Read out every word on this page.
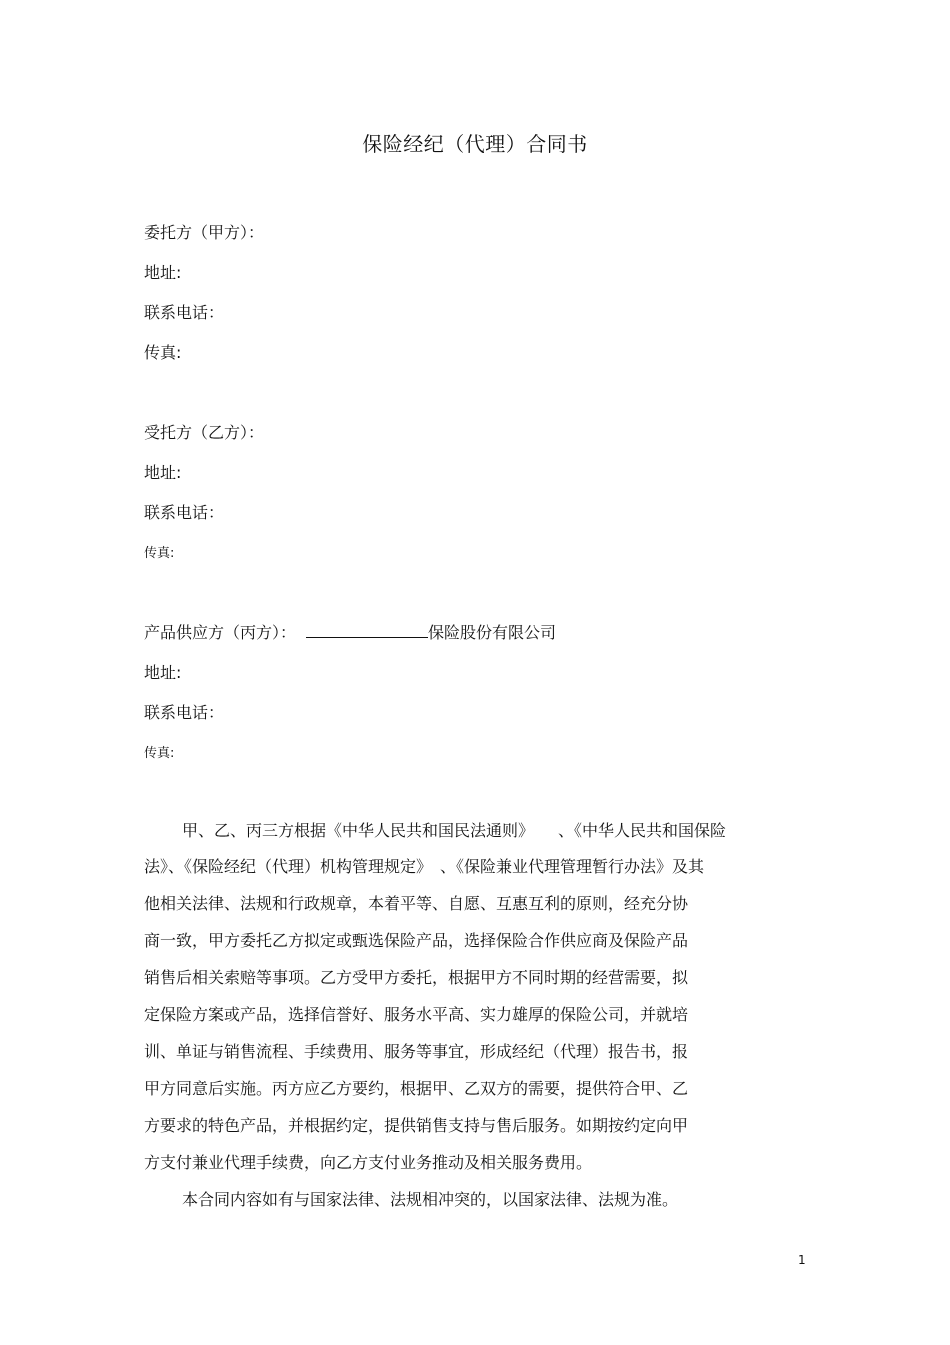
保险经纪（代理）合同书
委托方（甲方）：
地址:
联系电话：
传真:
受托方（乙方）：
地址:
联系电话：
传真:
产品供应方（丙方）：	保险股份有限公司
地址:
联系电话：
传真:
甲、乙、丙三方根据《中华人民共和国民法通则》　　、《中华人民共和国保险
法》、《保险经纪（代理）机构管理规定》　、《保险兼业代理管理暂行办法》及其
他相关法律、法规和行政规章，本着平等、自愿、互惠互利的原则，经充分协
商一致，甲方委托乙方拟定或甄选保险产品，选择保险合作供应商及保险产品
销售后相关索赔等事项。乙方受甲方委托，根据甲方不同时期的经营需要，拟
定保险方案或产品，选择信誉好、服务水平高、实力雄厚的保险公司，并就培
训、单证与销售流程、手续费用、服务等事宜，形成经纪（代理）报告书，报
甲方同意后实施。丙方应乙方要约，根据甲、乙双方的需要，提供符合甲、乙
方要求的特色产品，并根据约定，提供销售支持与售后服务。如期按约定向甲
方支付兼业代理手续费，向乙方支付业务推动及相关服务费用。
本合同内容如有与国家法律、法规相冲突的，以国家法律、法规为准。
1
